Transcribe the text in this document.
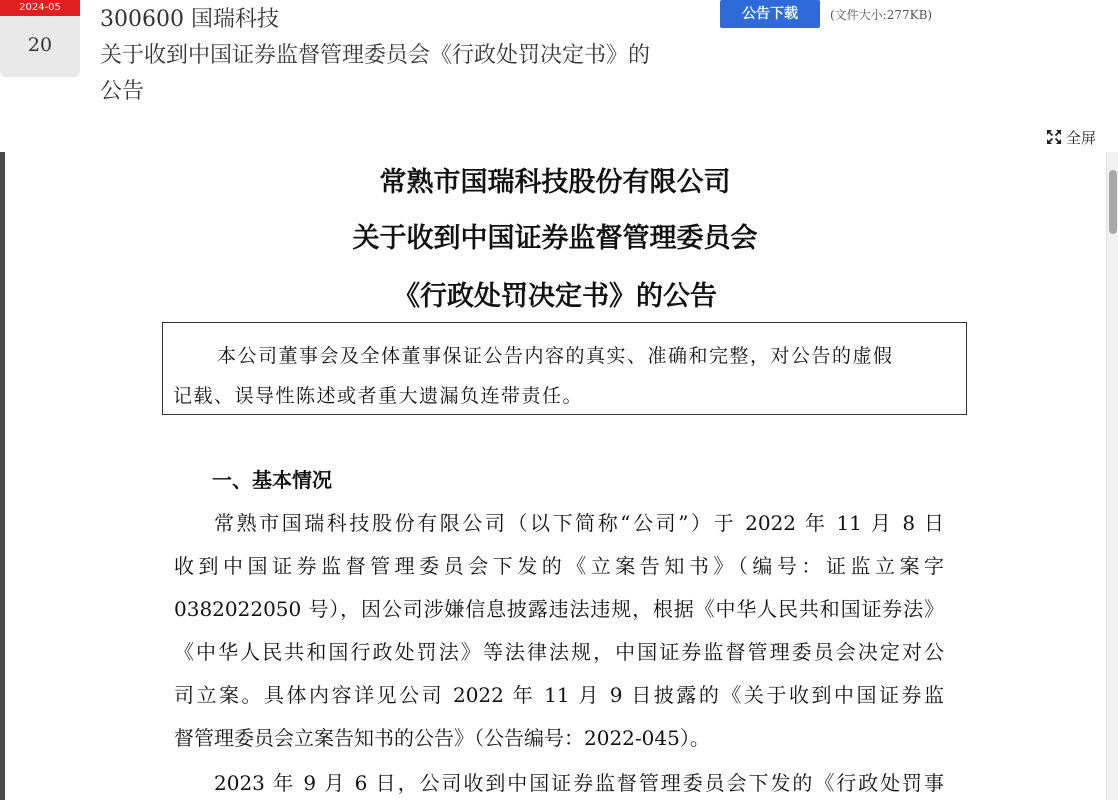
2024-05
20
300600 国瑞科技
关于收到中国证券监督管理委员会《行政处罚决定书》的
公告
公告下载	(文件大小:277KB)
全屏
常熟市国瑞科技股份有限公司
关于收到中国证券监督管理委员会
《行政处罚决定书》的公告
本公司董事会及全体董事保证公告内容的真实、准确和完整，对公告的虚假
记载、误导性陈述或者重大遗漏负连带责任。
一、基本情况
常熟市国瑞科技股份有限公司（以下简称“公司”）于 2022 年 11 月 8 日
收到中国证券监督管理委员会下发的《立案告知书》（编号：证监立案字
0382022050 号），因公司涉嫌信息披露违法违规，根据《中华人民共和国证券法》
《中华人民共和国行政处罚法》等法律法规，中国证券监督管理委员会决定对公
司立案。具体内容详见公司 2022 年 11 月 9 日披露的《关于收到中国证券监
督管理委员会立案告知书的公告》（公告编号：2022-045）。
2023 年 9 月 6 日，公司收到中国证券监督管理委员会下发的《行政处罚事
